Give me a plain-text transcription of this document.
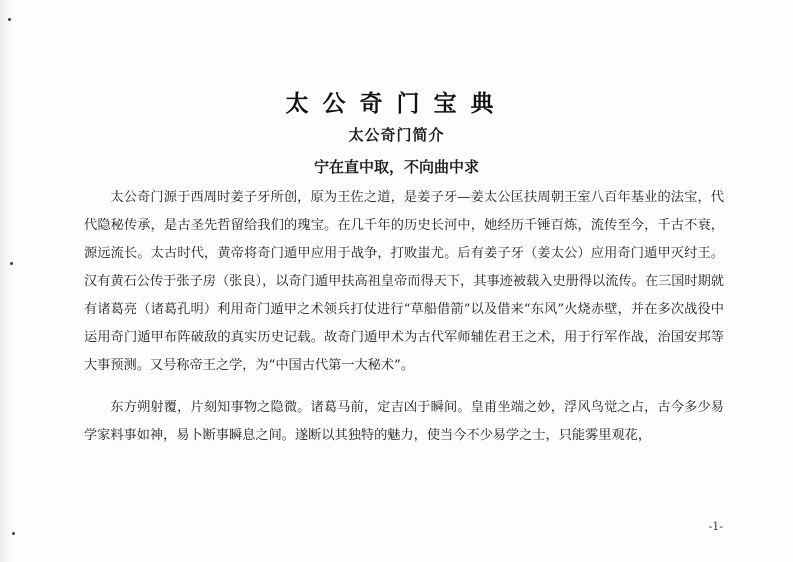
太公奇门宝典
太公奇门简介
宁在直中取，不向曲中求

太公奇门源于西周时姜子牙所创，原为王佐之道，是姜子牙—姜太公匡扶周朝王室八百年基业的法宝，代代隐秘传承，是古圣先哲留给我们的瑰宝。在几千年的历史长河中，她经历千锤百炼，流传至今，千古不衰，源远流长。太古时代，黄帝将奇门遁甲应用于战争，打败蚩尤。后有姜子牙（姜太公）应用奇门遁甲灭纣王。汉有黄石公传于张子房（张良），以奇门遁甲扶高祖皇帝而得天下，其事迹被载入史册得以流传。在三国时期就有诸葛亮（诸葛孔明）利用奇门遁甲之术领兵打仗进行“草船借箭”以及借来“东风”火烧赤壁，并在多次战役中运用奇门遁甲布阵破敌的真实历史记载。故奇门遁甲术为古代军师辅佐君王之术，用于行军作战，治国安邦等大事预测。又号称帝王之学，为“中国古代第一大秘术”。

东方朔射覆，片刻知事物之隐微。诸葛马前，定吉凶于瞬间。皇甫坐端之妙，浮风鸟觉之占，古今多少易学家料事如神，易卜断事瞬息之间。遂断以其独特的魅力，使当今不少易学之士，只能雾里观花，

-1-
